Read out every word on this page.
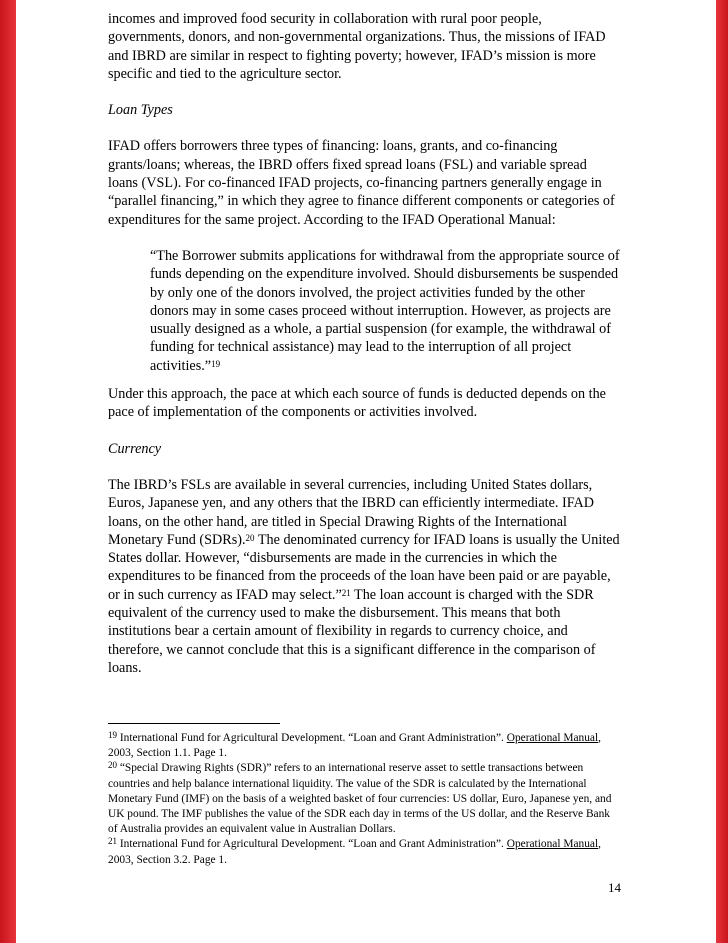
incomes and improved food security in collaboration with rural poor people, governments, donors, and non-governmental organizations. Thus, the missions of IFAD and IBRD are similar in respect to fighting poverty; however, IFAD’s mission is more specific and tied to the agriculture sector.

Loan Types

IFAD offers borrowers three types of financing: loans, grants, and co-financing grants/loans; whereas, the IBRD offers fixed spread loans (FSL) and variable spread loans (VSL). For co-financed IFAD projects, co-financing partners generally engage in “parallel financing,” in which they agree to finance different components or categories of expenditures for the same project. According to the IFAD Operational Manual:

“The Borrower submits applications for withdrawal from the appropriate source of funds depending on the expenditure involved. Should disbursements be suspended by only one of the donors involved, the project activities funded by the other donors may in some cases proceed without interruption. However, as projects are usually designed as a whole, a partial suspension (for example, the withdrawal of funding for technical assistance) may lead to the interruption of all project activities.”$^{19}$

Under this approach, the pace at which each source of funds is deducted depends on the pace of implementation of the components or activities involved.

Currency

The IBRD’s FSLs are available in several currencies, including United States dollars, Euros, Japanese yen, and any others that the IBRD can efficiently intermediate. IFAD loans, on the other hand, are titled in Special Drawing Rights of the International Monetary Fund (SDRs).$^{20}$ The denominated currency for IFAD loans is usually the United States dollar. However, “disbursements are made in the currencies in which the expenditures to be financed from the proceeds of the loan have been paid or are payable, or in such currency as IFAD may select.”$^{21}$ The loan account is charged with the SDR equivalent of the currency used to make the disbursement. This means that both institutions bear a certain amount of flexibility in regards to currency choice, and therefore, we cannot conclude that this is a significant difference in the comparison of loans.

$^{19}$ International Fund for Agricultural Development. “Loan and Grant Administration”. Operational Manual, 2003, Section 1.1. Page 1.

$^{20}$ “Special Drawing Rights (SDR)” refers to an international reserve asset to settle transactions between countries and help balance international liquidity. The value of the SDR is calculated by the International Monetary Fund (IMF) on the basis of a weighted basket of four currencies: US dollar, Euro, Japanese yen, and UK pound. The IMF publishes the value of the SDR each day in terms of the US dollar, and the Reserve Bank of Australia provides an equivalent value in Australian Dollars.

$^{21}$ International Fund for Agricultural Development. “Loan and Grant Administration”. Operational Manual, 2003, Section 3.2. Page 1.

14
